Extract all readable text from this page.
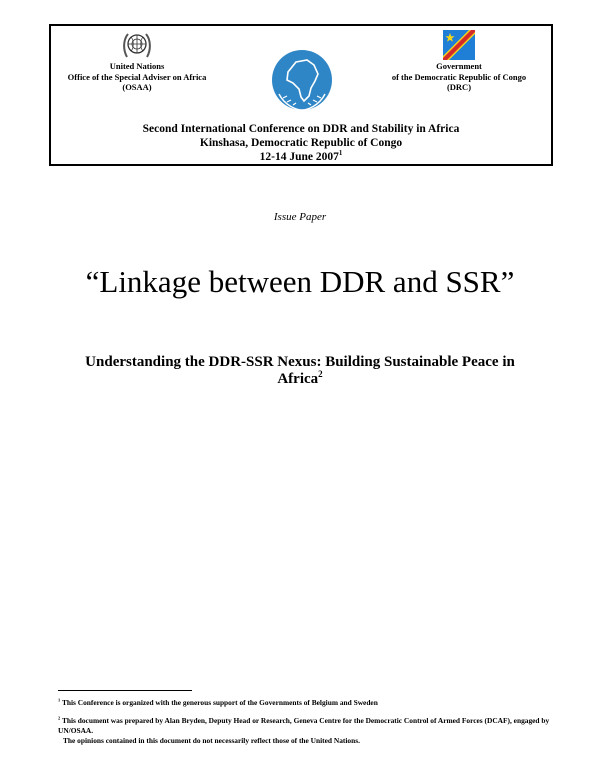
United Nations
Office of the Special Adviser on Africa
(OSAA)
Government
of the Democratic Republic of Congo
(DRC)
Second International Conference on DDR and Stability in Africa
Kinshasa, Democratic Republic of Congo
12-14 June 2007$^1$
Issue Paper
“Linkage between DDR and SSR”
Understanding the DDR-SSR Nexus: Building Sustainable Peace in
Africa$^2$
$^1$ This Conference is organized with the generous support of the Governments of Belgium and Sweden
$^2$ This document was prepared by Alan Bryden, Deputy Head or Research, Geneva Centre for the Democratic Control of Armed Forces (DCAF), engaged by UN/OSAA.
The opinions contained in this document do not necessarily reflect those of the United Nations.
